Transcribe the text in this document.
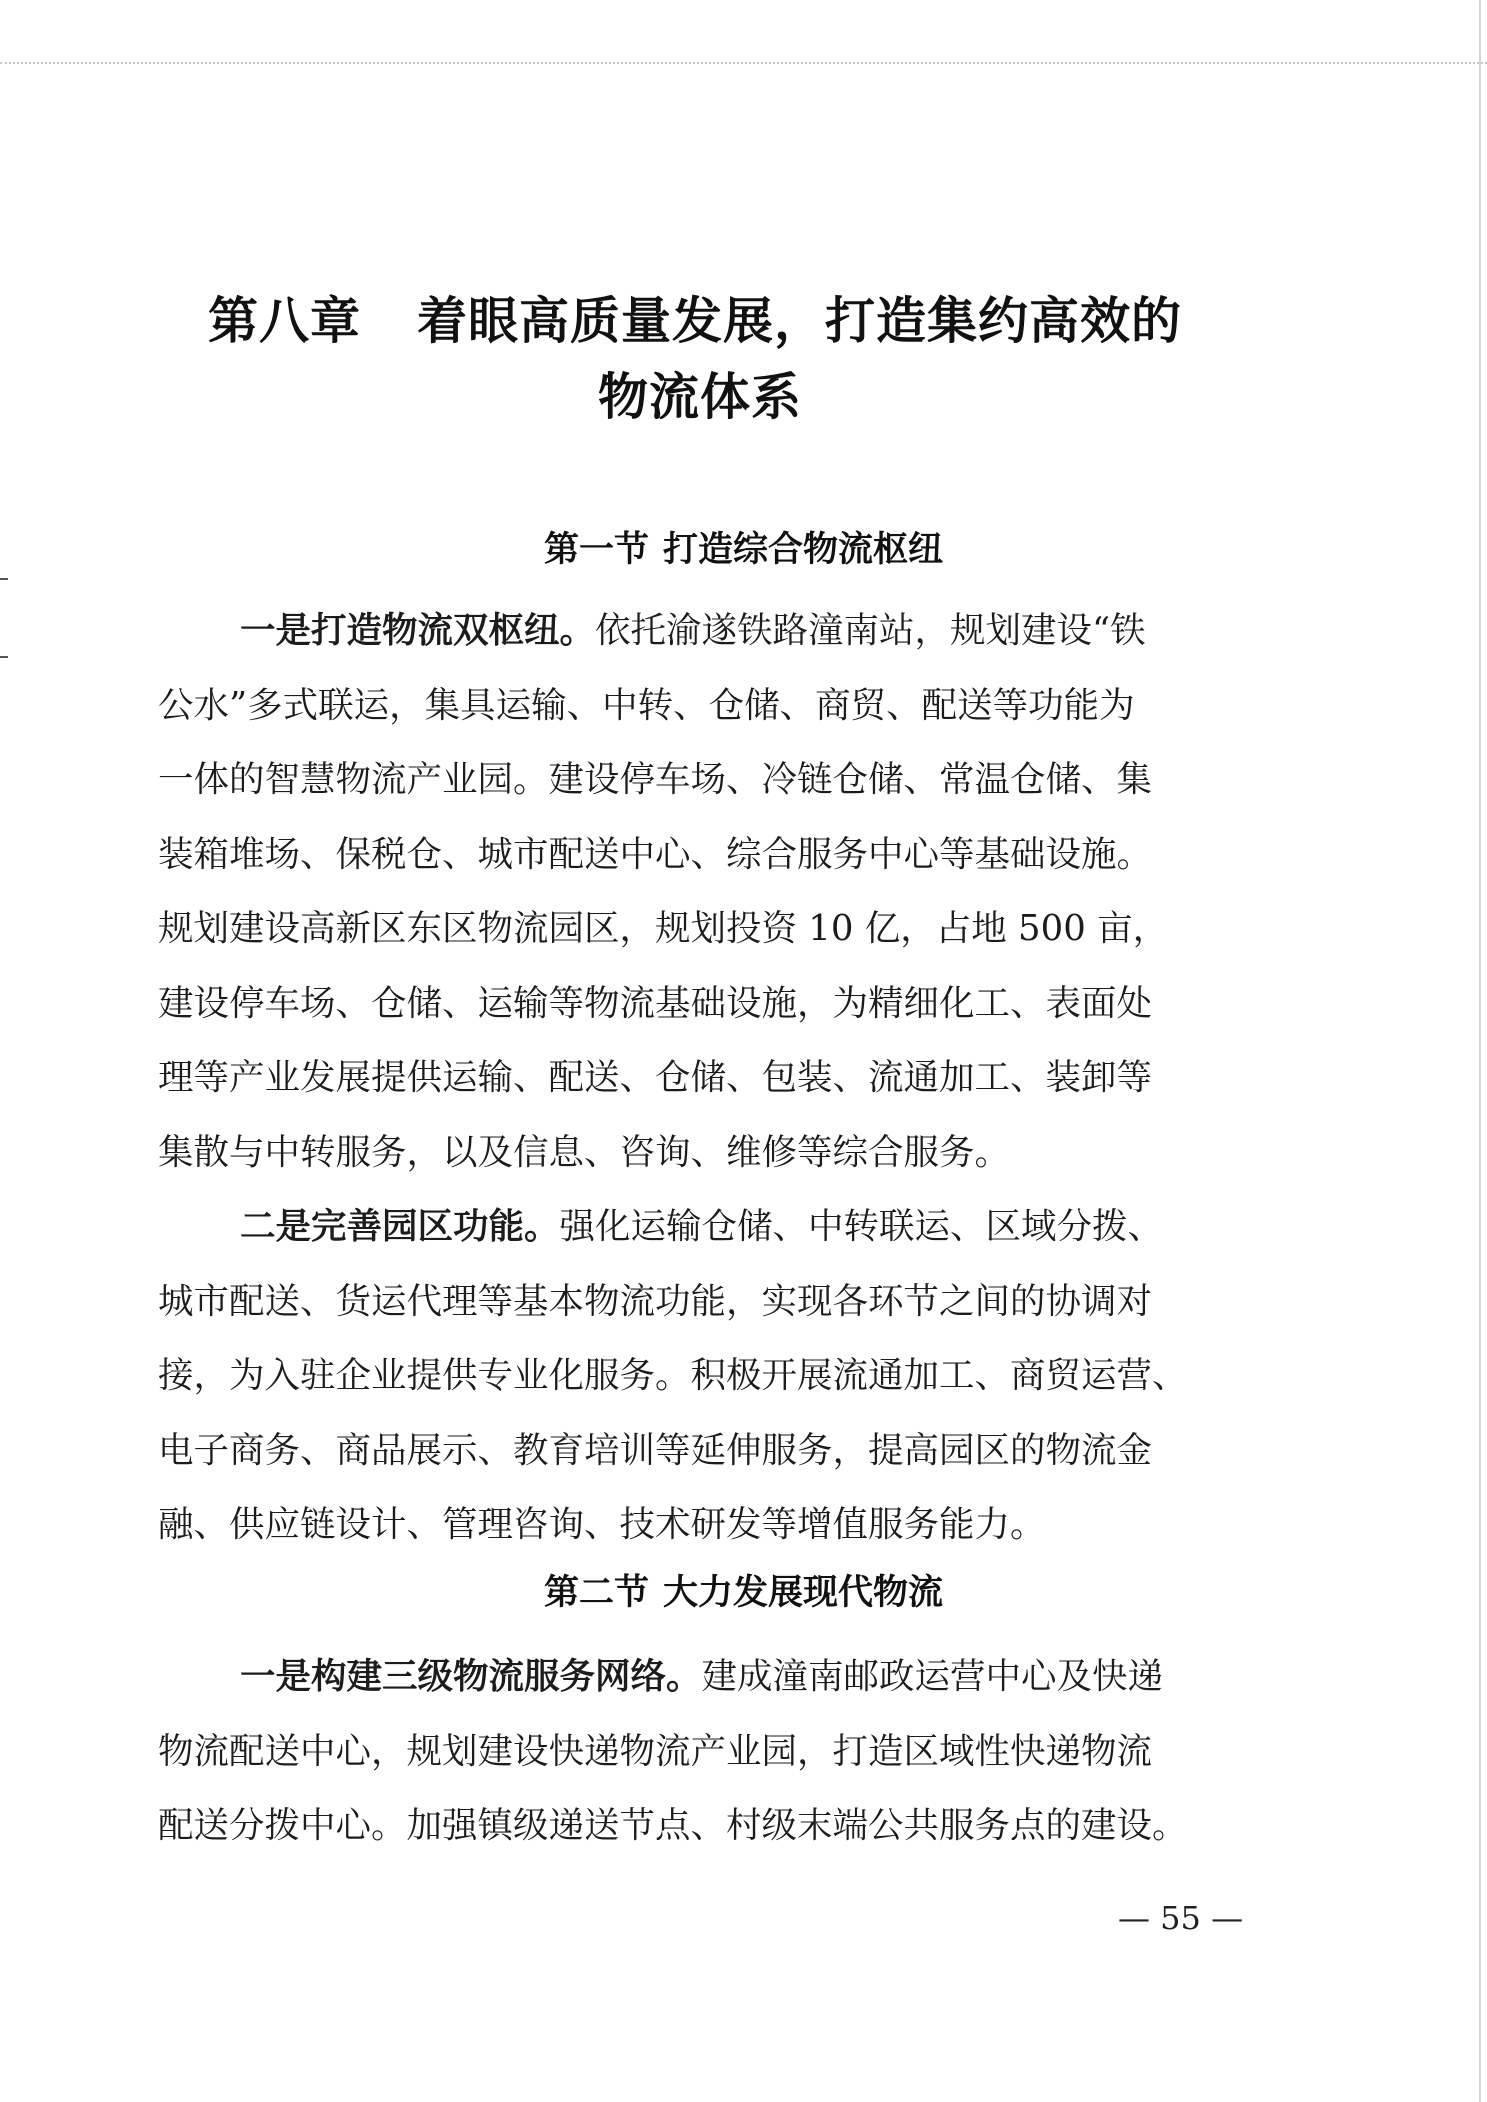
第八章 着眼高质量发展，打造集约高效的
物流体系
第一节 打造综合物流枢纽
一是打造物流双枢纽。依托渝遂铁路潼南站，规划建设“铁
公水”多式联运，集具运输、中转、仓储、商贸、配送等功能为
一体的智慧物流产业园。建设停车场、冷链仓储、常温仓储、集
装箱堆场、保税仓、城市配送中心、综合服务中心等基础设施。
规划建设高新区东区物流园区，规划投资 10 亿，占地 500 亩，
建设停车场、仓储、运输等物流基础设施，为精细化工、表面处
理等产业发展提供运输、配送、仓储、包装、流通加工、装卸等
集散与中转服务，以及信息、咨询、维修等综合服务。
二是完善园区功能。强化运输仓储、中转联运、区域分拨、
城市配送、货运代理等基本物流功能，实现各环节之间的协调对
接，为入驻企业提供专业化服务。积极开展流通加工、商贸运营、
电子商务、商品展示、教育培训等延伸服务，提高园区的物流金
融、供应链设计、管理咨询、技术研发等增值服务能力。
第二节 大力发展现代物流
一是构建三级物流服务网络。建成潼南邮政运营中心及快递
物流配送中心，规划建设快递物流产业园，打造区域性快递物流
配送分拨中心。加强镇级递送节点、村级末端公共服务点的建设。
— 55 —
